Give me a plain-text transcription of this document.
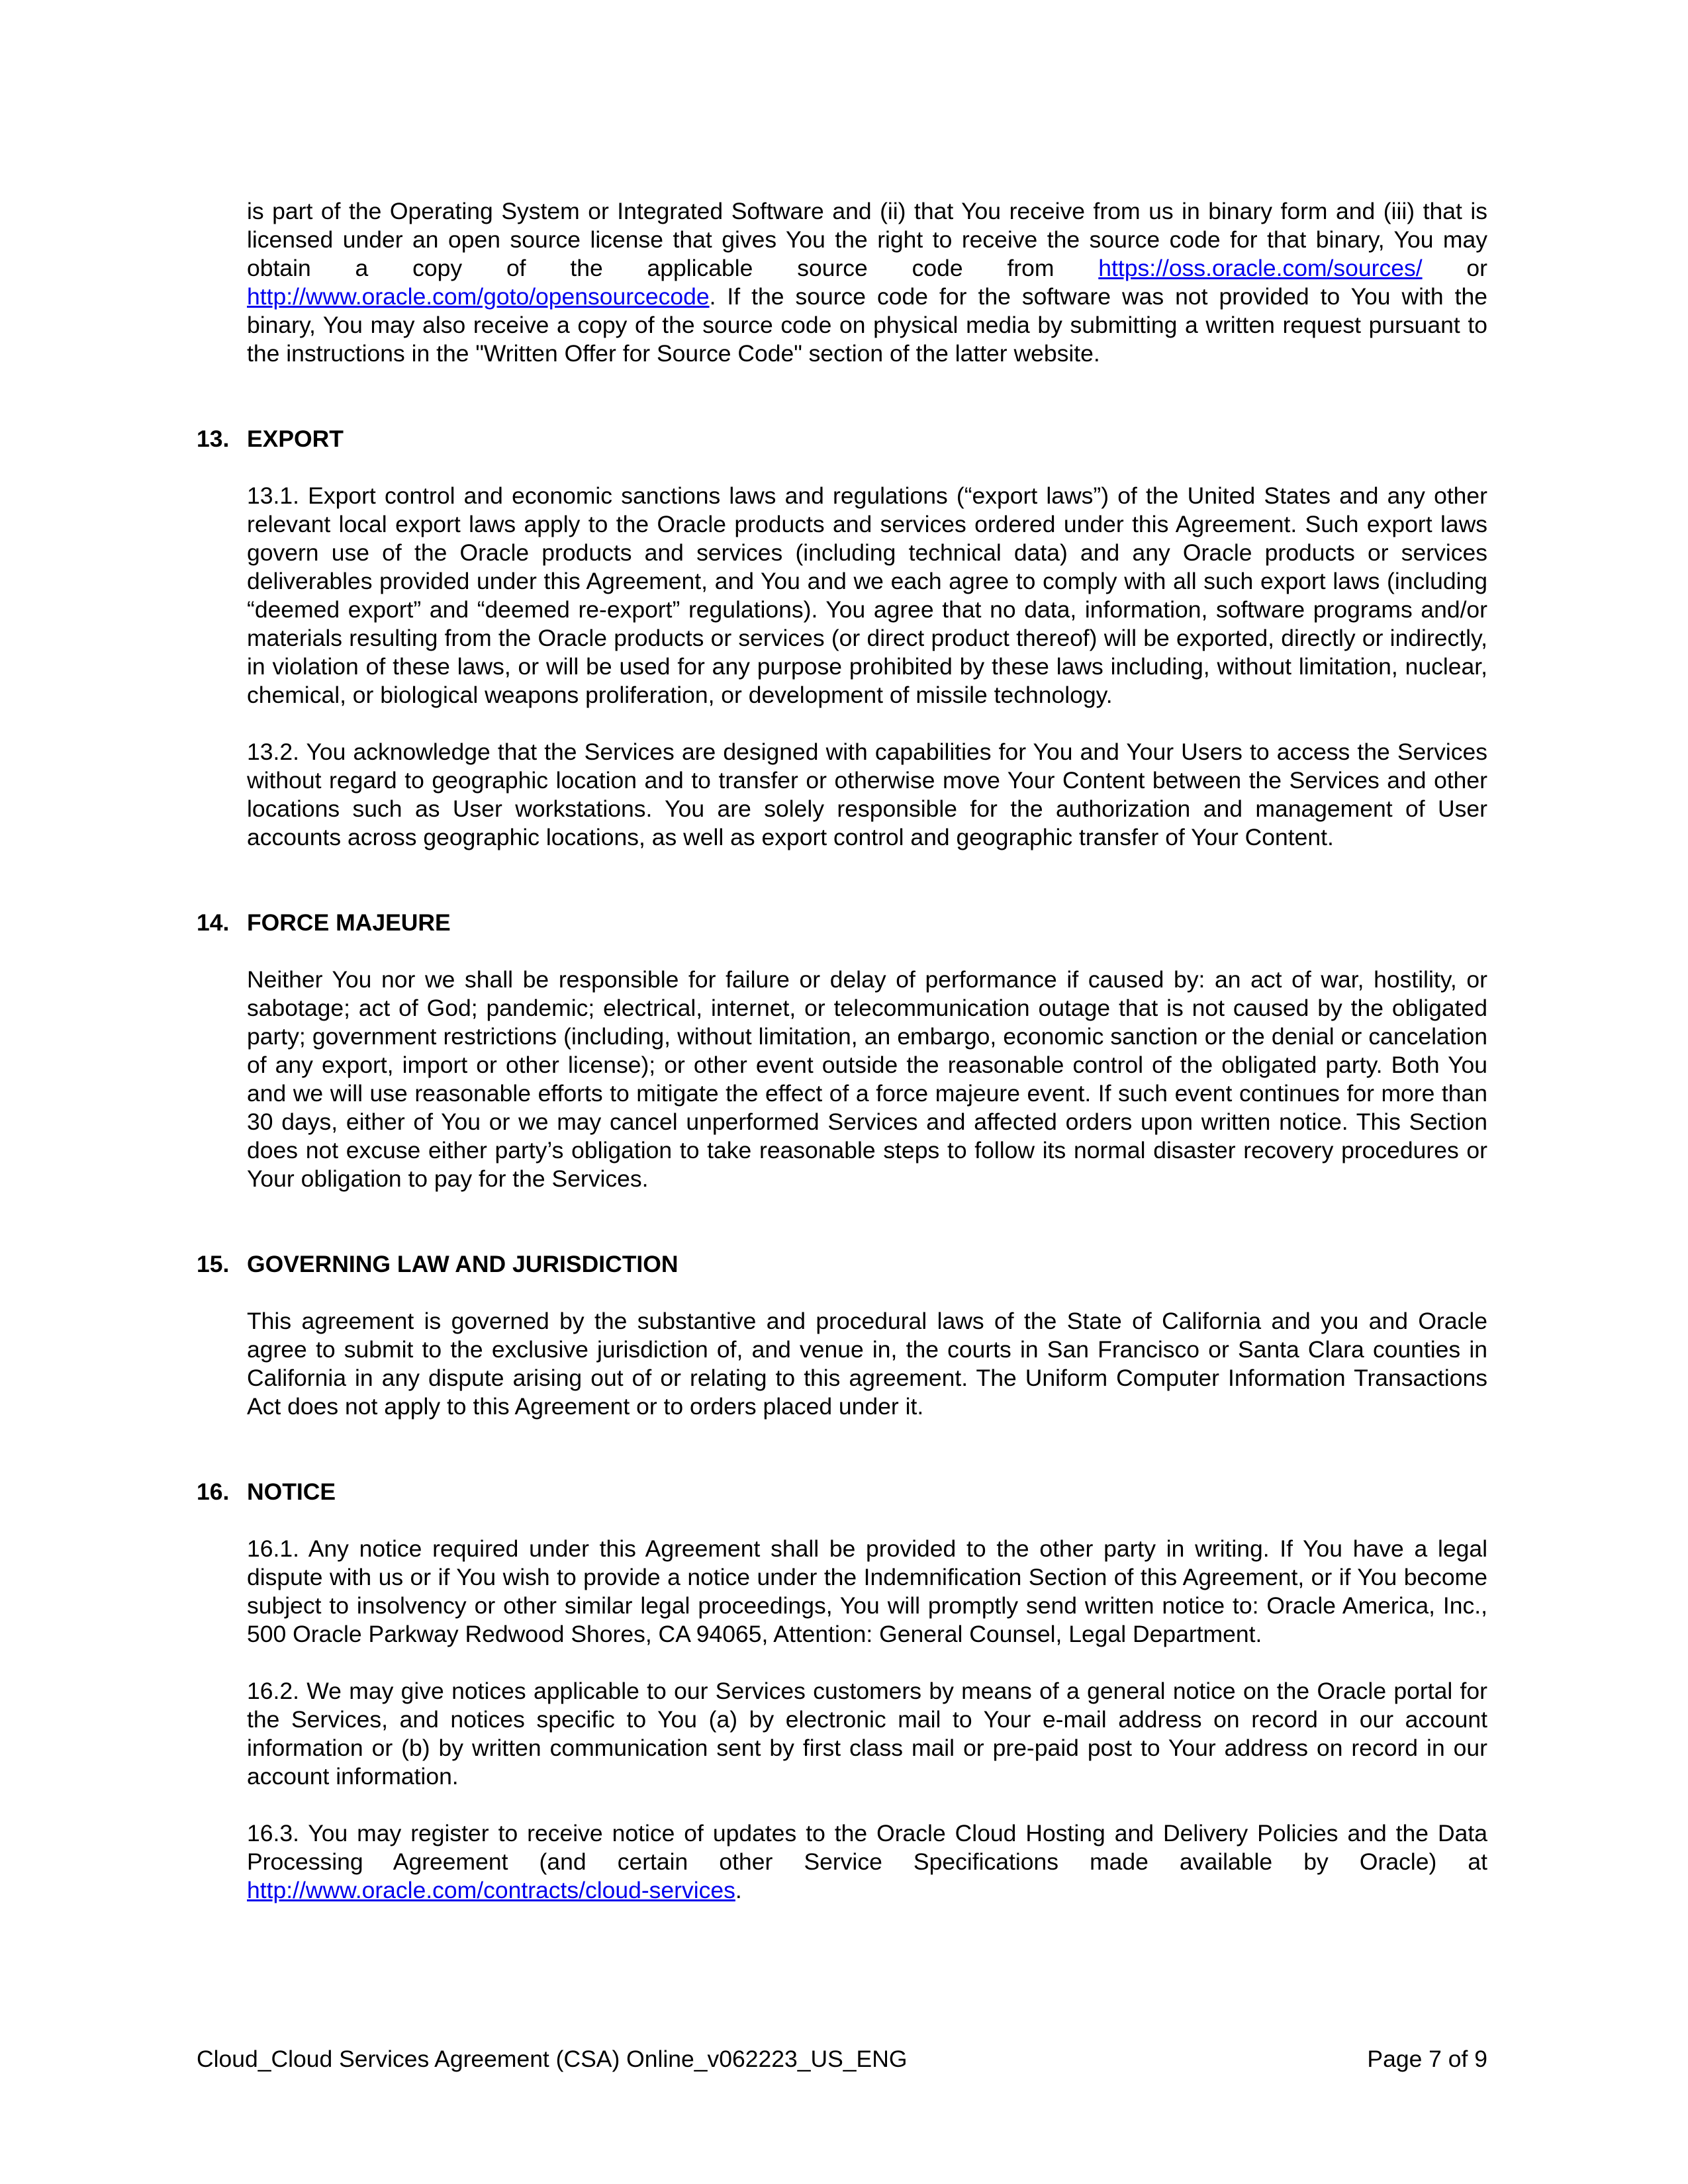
is part of the Operating System or Integrated Software and (ii) that You receive from us in binary form and (iii) that is licensed under an open source license that gives You the right to receive the source code for that binary, You may obtain a copy of the applicable source code from https://oss.oracle.com/sources/ or http://www.oracle.com/goto/opensourcecode. If the source code for the software was not provided to You with the binary, You may also receive a copy of the source code on physical media by submitting a written request pursuant to the instructions in the "Written Offer for Source Code" section of the latter website.

13. EXPORT

13.1. Export control and economic sanctions laws and regulations (“export laws”) of the United States and any other relevant local export laws apply to the Oracle products and services ordered under this Agreement. Such export laws govern use of the Oracle products and services (including technical data) and any Oracle products or services deliverables provided under this Agreement, and You and we each agree to comply with all such export laws (including “deemed export” and “deemed re-export” regulations). You agree that no data, information, software programs and/or materials resulting from the Oracle products or services (or direct product thereof) will be exported, directly or indirectly, in violation of these laws, or will be used for any purpose prohibited by these laws including, without limitation, nuclear, chemical, or biological weapons proliferation, or development of missile technology.

13.2. You acknowledge that the Services are designed with capabilities for You and Your Users to access the Services without regard to geographic location and to transfer or otherwise move Your Content between the Services and other locations such as User workstations. You are solely responsible for the authorization and management of User accounts across geographic locations, as well as export control and geographic transfer of Your Content.

14. FORCE MAJEURE

Neither You nor we shall be responsible for failure or delay of performance if caused by: an act of war, hostility, or sabotage; act of God; pandemic; electrical, internet, or telecommunication outage that is not caused by the obligated party; government restrictions (including, without limitation, an embargo, economic sanction or the denial or cancelation of any export, import or other license); or other event outside the reasonable control of the obligated party. Both You and we will use reasonable efforts to mitigate the effect of a force majeure event. If such event continues for more than 30 days, either of You or we may cancel unperformed Services and affected orders upon written notice. This Section does not excuse either party’s obligation to take reasonable steps to follow its normal disaster recovery procedures or Your obligation to pay for the Services.

15. GOVERNING LAW AND JURISDICTION

This agreement is governed by the substantive and procedural laws of the State of California and you and Oracle agree to submit to the exclusive jurisdiction of, and venue in, the courts in San Francisco or Santa Clara counties in California in any dispute arising out of or relating to this agreement. The Uniform Computer Information Transactions Act does not apply to this Agreement or to orders placed under it.

16. NOTICE

16.1. Any notice required under this Agreement shall be provided to the other party in writing. If You have a legal dispute with us or if You wish to provide a notice under the Indemnification Section of this Agreement, or if You become subject to insolvency or other similar legal proceedings, You will promptly send written notice to: Oracle America, Inc., 500 Oracle Parkway Redwood Shores, CA 94065, Attention: General Counsel, Legal Department.

16.2. We may give notices applicable to our Services customers by means of a general notice on the Oracle portal for the Services, and notices specific to You (a) by electronic mail to Your e-mail address on record in our account information or (b) by written communication sent by first class mail or pre-paid post to Your address on record in our account information.

16.3. You may register to receive notice of updates to the Oracle Cloud Hosting and Delivery Policies and the Data Processing Agreement (and certain other Service Specifications made available by Oracle) at http://www.oracle.com/contracts/cloud-services.

Cloud_Cloud Services Agreement (CSA) Online_v062223_US_ENG	Page 7 of 9
